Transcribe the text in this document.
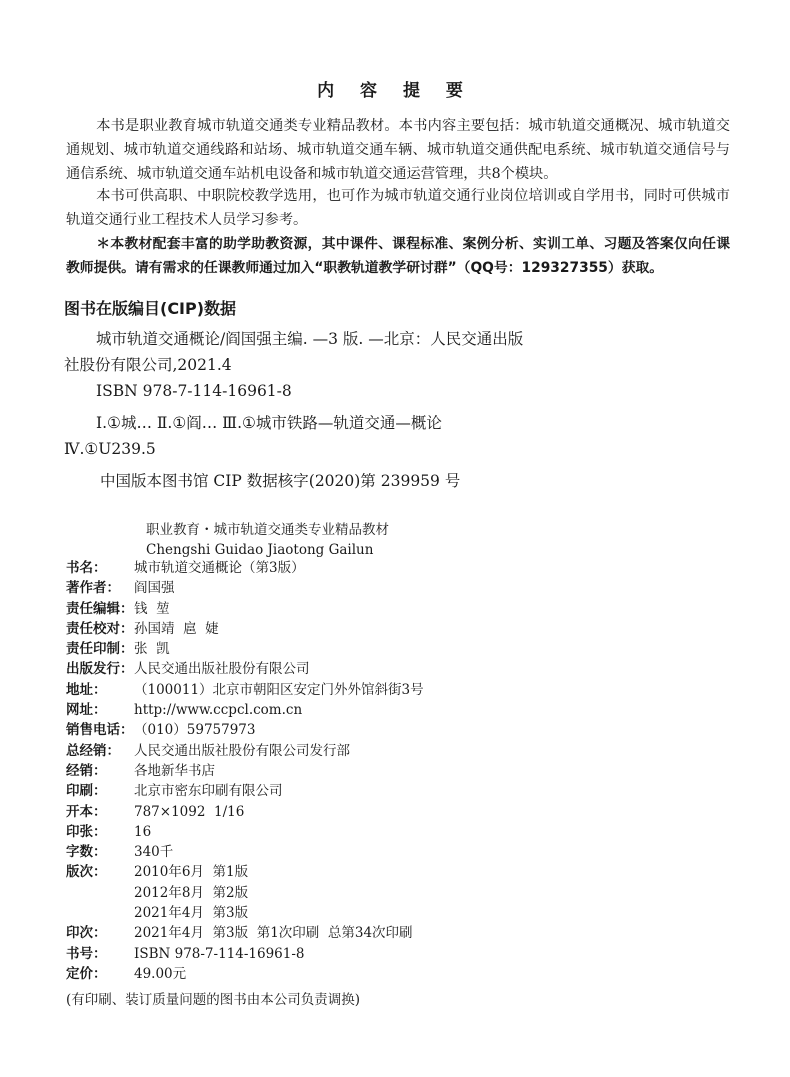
内 容 提 要
本书是职业教育城市轨道交通类专业精品教材。本书内容主要包括：城市轨道交通概况、城市轨道交通规划、城市轨道交通线路和站场、城市轨道交通车辆、城市轨道交通供配电系统、城市轨道交通信号与通信系统、城市轨道交通车站机电设备和城市轨道交通运营管理，共8个模块。
本书可供高职、中职院校教学选用，也可作为城市轨道交通行业岗位培训或自学用书，同时可供城市轨道交通行业工程技术人员学习参考。
＊本教材配套丰富的助学助教资源，其中课件、课程标准、案例分析、实训工单、习题及答案仅向任课教师提供。请有需求的任课教师通过加入“职教轨道教学研讨群”（QQ号：129327355）获取。
图书在版编目(CIP)数据
城市轨道交通概论/阎国强主编. —3 版. —北京：人民交通出版社股份有限公司,2021.4
ISBN 978-7-114-16961-8
Ⅰ.①城… Ⅱ.①阎… Ⅲ.①城市铁路—轨道交通—概论 Ⅳ.①U239.5
中国版本图书馆 CIP 数据核字(2020)第 239959 号
职业教育・城市轨道交通类专业精品教材
Chengshi Guidao Jiaotong Gailun
书名：	城市轨道交通概论（第3版）
著作者：	阎国强
责任编辑： 钱  堃
责任校对： 孙国靖  扈  婕
责任印制： 张  凯
出版发行： 人民交通出版社股份有限公司
地址：	（100011）北京市朝阳区安定门外外馆斜街3号
网址：	http://www.ccpcl.com.cn
销售电话： （010）59757973
总经销：	人民交通出版社股份有限公司发行部
经销：	各地新华书店
印刷：	北京市密东印刷有限公司
开本：	787×1092  1/16
印张：	16
字数：	340千
版次：	2010年6月  第1版
2012年8月  第2版
2021年4月  第3版
印次：	2021年4月  第3版  第1次印刷  总第34次印刷
书号：	ISBN 978-7-114-16961-8
定价：	49.00元
(有印刷、装订质量问题的图书由本公司负责调换)
